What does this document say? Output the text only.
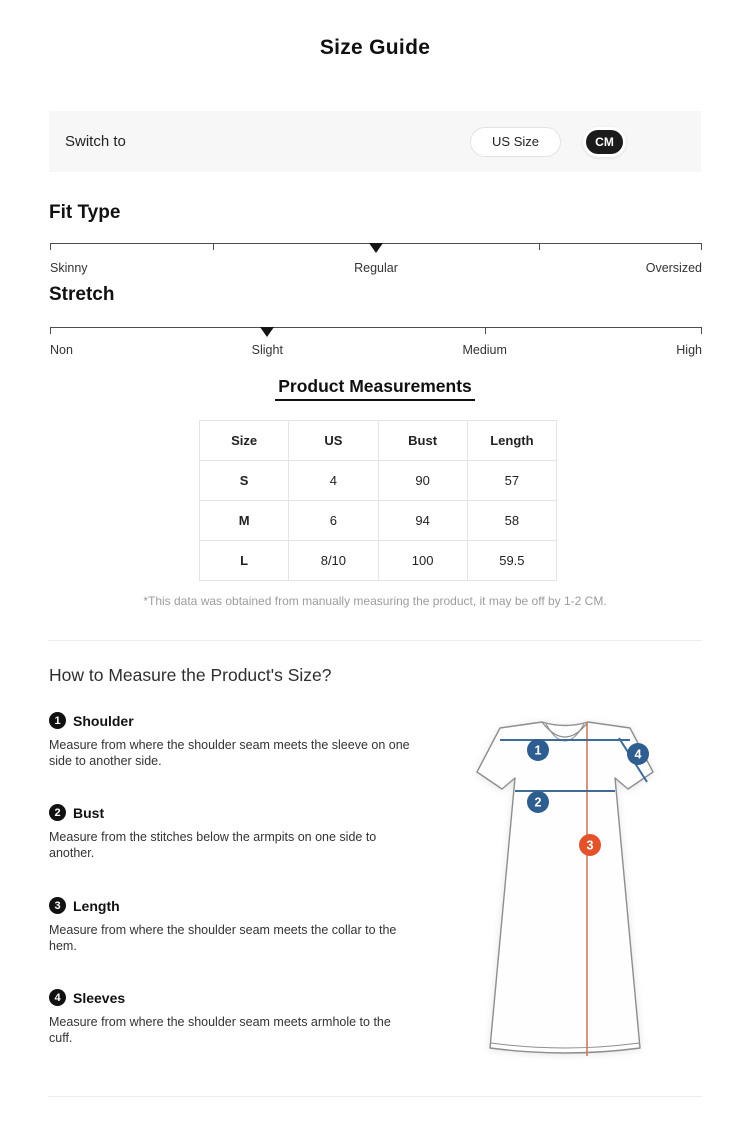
Size Guide
Switch to	US Size	CM
Fit Type
Skinny	Regular	Oversized
Stretch
Non	Slight	Medium	High
Product Measurements
Size	US	Bust	Length
S	4	90	57
M	6	94	58
L	8/10	100	59.5
*This data was obtained from manually measuring the product, it may be off by 1-2 CM.
How to Measure the Product's Size?
1 Shoulder
Measure from where the shoulder seam meets the sleeve on one side to another side.
2 Bust
Measure from the stitches below the armpits on one side to another.
3 Length
Measure from where the shoulder seam meets the collar to the hem.
4 Sleeves
Measure from where the shoulder seam meets armhole to the cuff.
1
2
3
4
